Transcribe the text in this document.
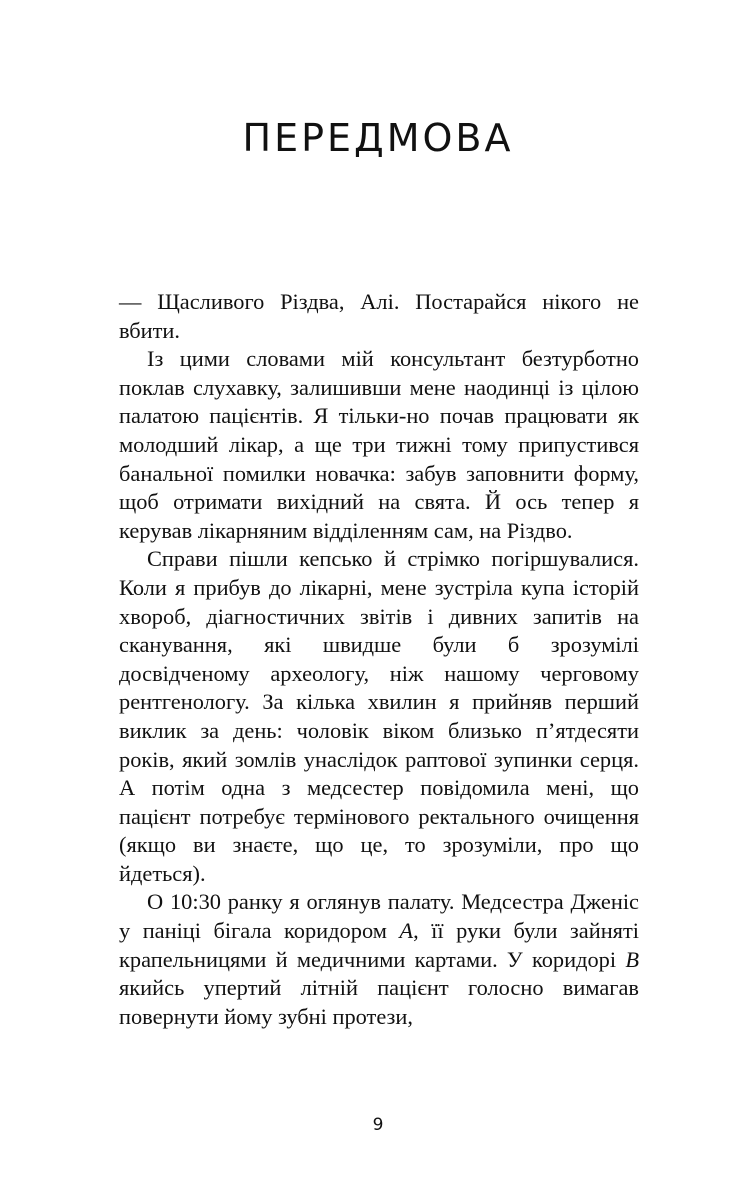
ПЕРЕДМОВА

— Щасливого Різдва, Алі. Постарайся нікого не вбити.

Із цими словами мій консультант безтурботно поклав слухавку, залишивши мене наодинці із цілою палатою пацієнтів. Я тільки-но почав працювати як молодший лікар, а ще три тижні тому припустився банальної помилки новачка: забув заповнити форму, щоб отримати вихідний на свята. Й ось тепер я керував лікарняним відділенням сам, на Різдво.

Справи пішли кепсько й стрімко погіршувалися. Коли я прибув до лікарні, мене зустріла купа історій хвороб, діагностичних звітів і дивних запитів на сканування, які швидше були б зрозумілі досвідченому археологу, ніж нашому черговому рентгенологу. За кілька хвилин я прийняв перший виклик за день: чоловік віком близько п’ятдесяти років, який зомлів унаслідок раптової зупинки серця. А потім одна з медсестер повідомила мені, що пацієнт потребує термінового ректального очищення (якщо ви знаєте, що це, то зрозуміли, про що йдеться).

О 10:30 ранку я оглянув палату. Медсестра Дженіс у паніці бігала коридором А, її руки були зайняті крапельницями й медичними картами. У коридорі В якийсь упертий літній пацієнт голосно вимагав повернути йому зубні протези,

9
